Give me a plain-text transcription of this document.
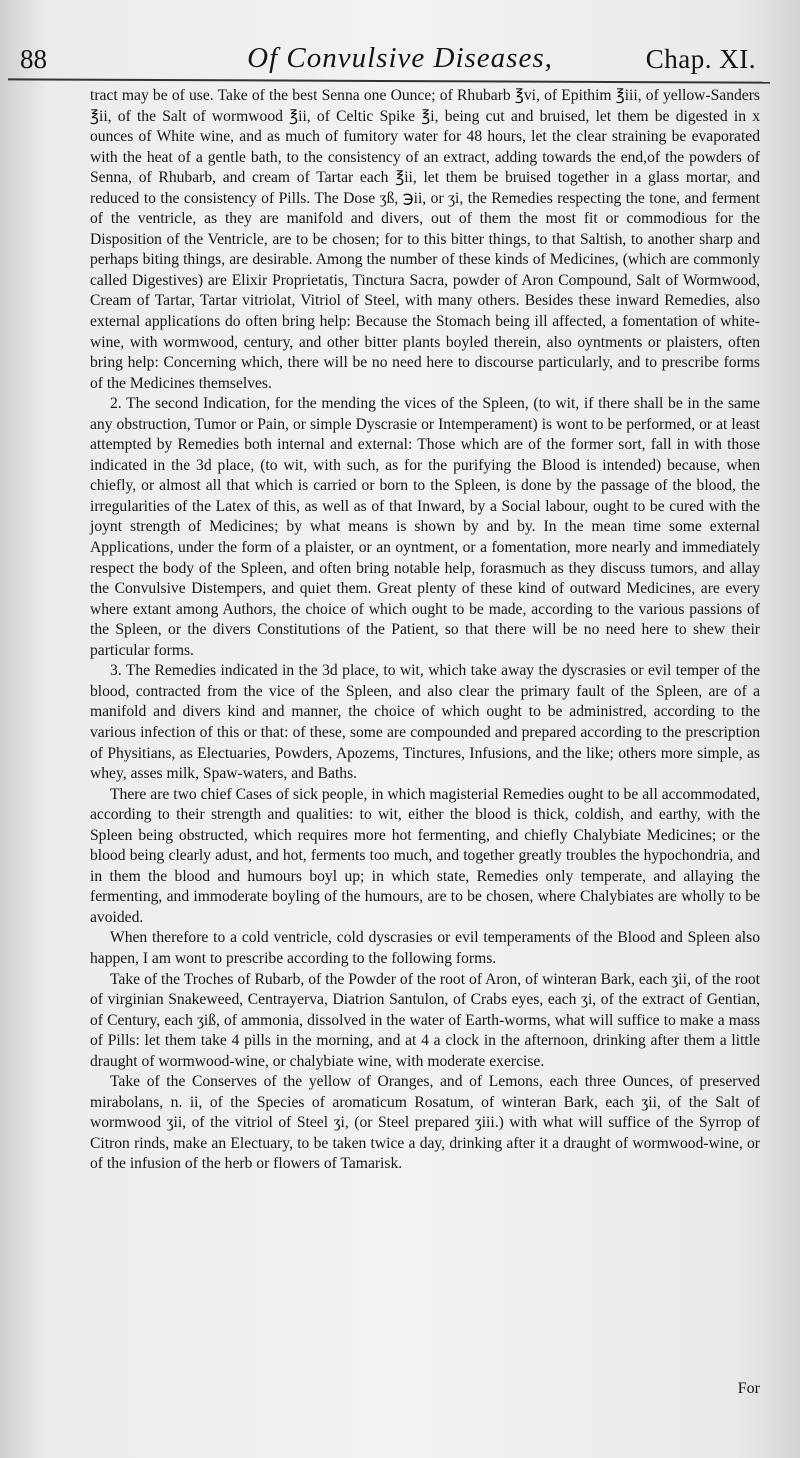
88	Of Convulsive Diseases,	Chap. XI.

tract may be of use. Take of the best Senna one Ounce; of Rhubarb ℥vi, of Epithim ℥iii, of yellow-Sanders ℥ii, of the Salt of wormwood ℥ii, of Celtic Spike ℥i, being cut and bruised, let them be digested in x ounces of White wine, and as much of fumitory water for 48 hours, let the clear straining be evaporated with the heat of a gentle bath, to the consistency of an extract, adding towards the end,of the powders of Senna, of Rhubarb, and cream of Tartar each ℥ii, let them be bruised together in a glass mortar, and reduced to the consistency of Pills. The Dose ʒß, ℈ii, or ʒi, the Remedies respecting the tone, and ferment of the ventricle, as they are manifold and divers, out of them the most fit or commodious for the Disposition of the Ventricle, are to be chosen; for to this bitter things, to that Saltish, to another sharp and perhaps biting things, are desirable. Among the number of these kinds of Medicines, (which are commonly called Digestives) are Elixir Proprietatis, Tinctura Sacra, powder of Aron Compound, Salt of Wormwood, Cream of Tartar, Tartar vitriolat, Vitriol of Steel, with many others. Besides these inward Remedies, also external applications do often bring help: Because the Stomach being ill affected, a fomentation of white-wine, with wormwood, century, and other bitter plants boyled therein, also oyntments or plaisters, often bring help: Concerning which, there will be no need here to discourse particularly, and to prescribe forms of the Medicines themselves.

2. The second Indication, for the mending the vices of the Spleen, (to wit, if there shall be in the same any obstruction, Tumor or Pain, or simple Dyscrasie or Intemperament) is wont to be performed, or at least attempted by Remedies both internal and external: Those which are of the former sort, fall in with those indicated in the 3d place, (to wit, with such, as for the purifying the Blood is intended) because, when chiefly, or almost all that which is carried or born to the Spleen, is done by the passage of the blood, the irregularities of the Latex of this, as well as of that Inward, by a Social labour, ought to be cured with the joynt strength of Medicines; by what means is shown by and by. In the mean time some external Applications, under the form of a plaister, or an oyntment, or a fomentation, more nearly and immediately respect the body of the Spleen, and often bring notable help, forasmuch as they discuss tumors, and allay the Convulsive Distempers, and quiet them. Great plenty of these kind of outward Medicines, are every where extant among Authors, the choice of which ought to be made, according to the various passions of the Spleen, or the divers Constitutions of the Patient, so that there will be no need here to shew their particular forms.

3. The Remedies indicated in the 3d place, to wit, which take away the dyscrasies or evil temper of the blood, contracted from the vice of the Spleen, and also clear the primary fault of the Spleen, are of a manifold and divers kind and manner, the choice of which ought to be administred, according to the various infection of this or that: of these, some are compounded and prepared according to the prescription of Physitians, as Electuaries, Powders, Apozems, Tinctures, Infusions, and the like; others more simple, as whey, asses milk, Spaw-waters, and Baths.

There are two chief Cases of sick people, in which magisterial Remedies ought to be all accommodated, according to their strength and qualities: to wit, either the blood is thick, coldish, and earthy, with the Spleen being obstructed, which requires more hot fermenting, and chiefly Chalybiate Medicines; or the blood being clearly adust, and hot, ferments too much, and together greatly troubles the hypochondria, and in them the blood and humours boyl up; in which state, Remedies only temperate, and allaying the fermenting, and immoderate boyling of the humours, are to be chosen, where Chalybiates are wholly to be avoided.

When therefore to a cold ventricle, cold dyscrasies or evil temperaments of the Blood and Spleen also happen, I am wont to prescribe according to the following forms.

Take of the Troches of Rubarb, of the Powder of the root of Aron, of winteran Bark, each ʒii, of the root of virginian Snakeweed, Centrayerva, Diatrion Santulon, of Crabs eyes, each ʒi, of the extract of Gentian, of Century, each ʒiß, of ammonia, dissolved in the water of Earth-worms, what will suffice to make a mass of Pills: let them take 4 pills in the morning, and at 4 a clock in the afternoon, drinking after them a little draught of wormwood-wine, or chalybiate wine, with moderate exercise.

Take of the Conserves of the yellow of Oranges, and of Lemons, each three Ounces, of preserved mirabolans, n. ii, of the Species of aromaticum Rosatum, of winteran Bark, each ʒii, of the Salt of wormwood ʒii, of the vitriol of Steel ʒi, (or Steel prepared ʒiii.) with what will suffice of the Syrrop of Citron rinds, make an Electuary, to be taken twice a day, drinking after it a draught of wormwood-wine, or of the infusion of the herb or flowers of Tamarisk.

For
